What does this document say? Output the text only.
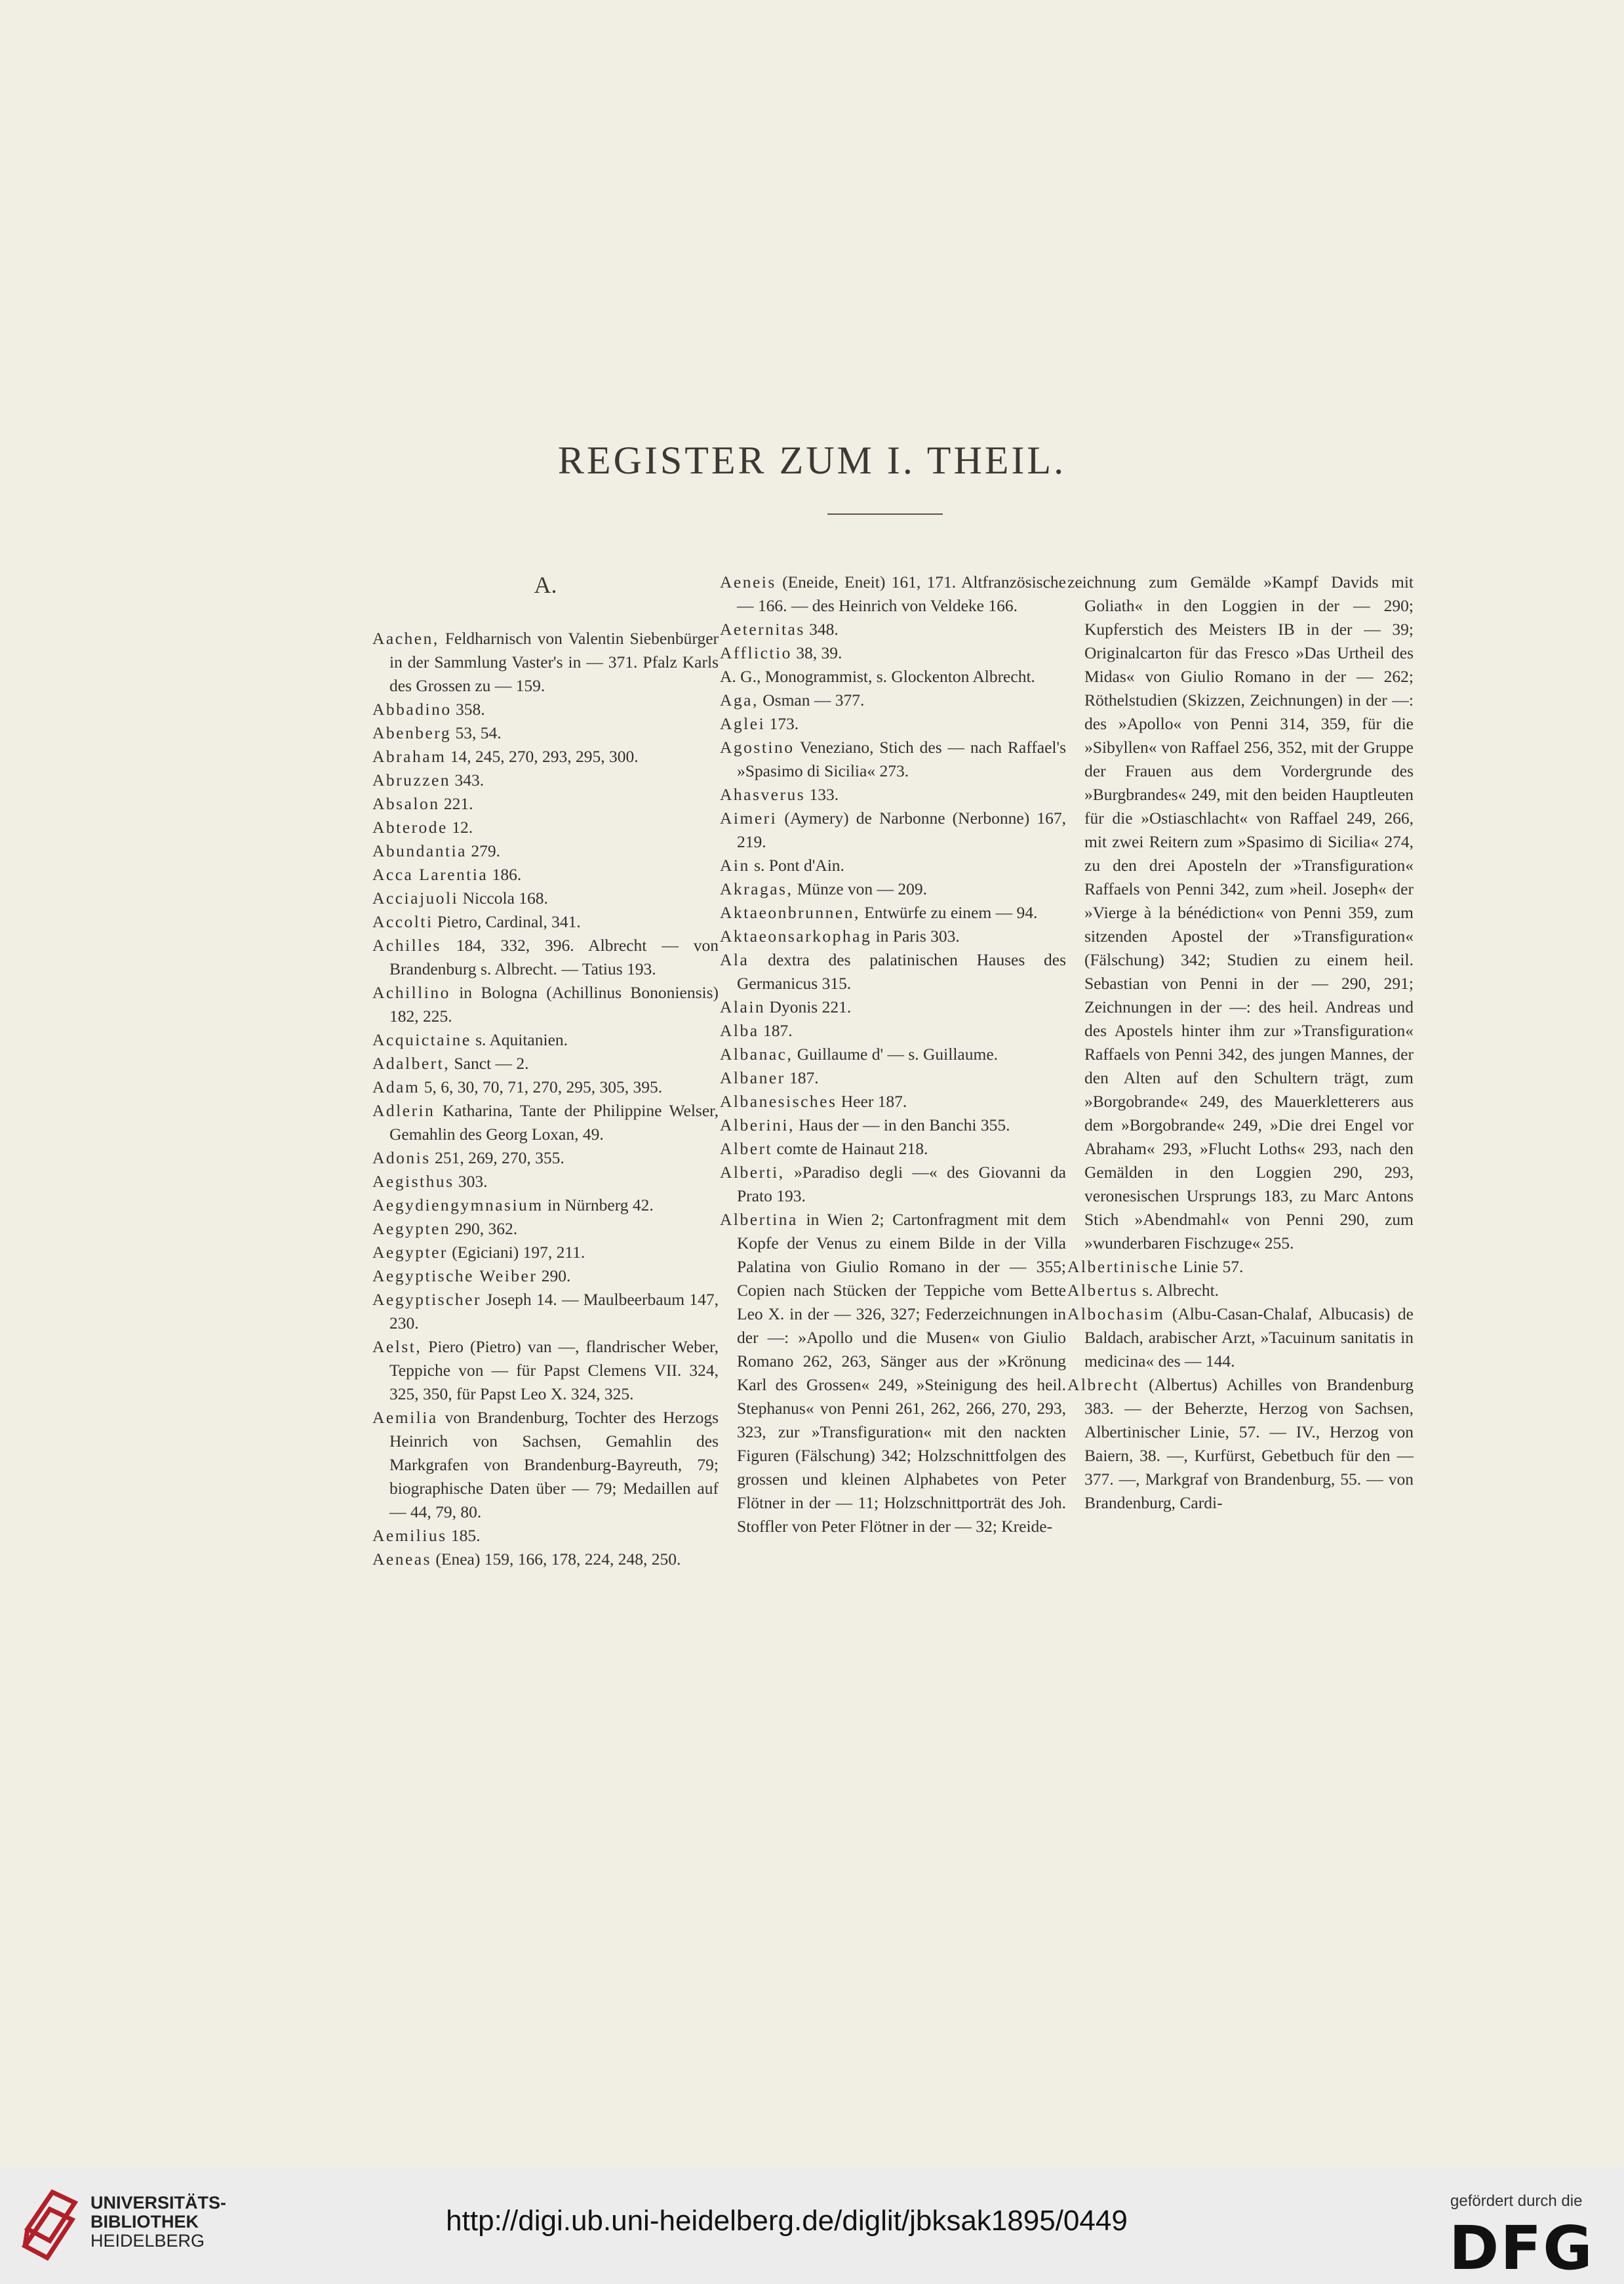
REGISTER ZUM I. THEIL.
A.

Aachen, Feldharnisch von Valentin Siebenbürger in der Sammlung Vaster's in — 371. Pfalz Karls des Grossen zu — 159.

Abbadino 358.

Abenberg 53, 54.

Abraham 14, 245, 270, 293, 295, 300.

Abruzzen 343.

Absalon 221.

Abterode 12.

Abundantia 279.

Acca Larentia 186.

Acciajuoli Niccola 168.

Accolti Pietro, Cardinal, 341.

Achilles 184, 332, 396. Albrecht — von Brandenburg s. Albrecht. — Tatius 193.

Achillino in Bologna (Achillinus Bononiensis) 182, 225.

Acquictaine s. Aquitanien.

Adalbert, Sanct — 2.

Adam 5, 6, 30, 70, 71, 270, 295, 305, 395.

Adlerin Katharina, Tante der Philippine Welser, Gemahlin des Georg Loxan, 49.

Adonis 251, 269, 270, 355.

Aegisthus 303.

Aegydiengymnasium in Nürnberg 42.

Aegypten 290, 362.

Aegypter (Egiciani) 197, 211.

Aegyptische Weiber 290.

Aegyptischer Joseph 14. — Maulbeerbaum 147, 230.

Aelst, Piero (Pietro) van —, flandrischer Weber, Teppiche von — für Papst Clemens VII. 324, 325, 350, für Papst Leo X. 324, 325.

Aemilia von Brandenburg, Tochter des Herzogs Heinrich von Sachsen, Gemahlin des Markgrafen von Brandenburg-Bayreuth, 79; biographische Daten über — 79; Medaillen auf — 44, 79, 80.

Aemilius 185.

Aeneas (Enea) 159, 166, 178, 224, 248, 250.

Aeneis (Eneide, Eneit) 161, 171. Altfranzösische — 166. — des Heinrich von Veldeke 166.

Aeternitas 348.

Afflictio 38, 39.

A. G., Monogrammist, s. Glockenton Albrecht.

Aga, Osman — 377.

Aglei 173.

Agostino Veneziano, Stich des — nach Raffael's »Spasimo di Sicilia« 273.

Ahasverus 133.

Aimeri (Aymery) de Narbonne (Nerbonne) 167, 219.

Ain s. Pont d'Ain.

Akragas, Münze von — 209.

Aktaeonbrunnen, Entwürfe zu einem — 94.

Aktaeonsarkophag in Paris 303.

Ala dextra des palatinischen Hauses des Germanicus 315.

Alain Dyonis 221.

Alba 187.

Albanac, Guillaume d' — s. Guillaume.

Albaner 187.

Albanesisches Heer 187.

Alberini, Haus der — in den Banchi 355.

Albert comte de Hainaut 218.

Alberti, »Paradiso degli —« des Giovanni da Prato 193.

Albertina in Wien 2; Cartonfragment mit dem Kopfe der Venus zu einem Bilde in der Villa Palatina von Giulio Romano in der — 355; Copien nach Stücken der Teppiche vom Bette Leo X. in der — 326, 327; Federzeichnungen in der —: »Apollo und die Musen« von Giulio Romano 262, 263, Sänger aus der »Krönung Karl des Grossen« 249, »Steinigung des heil. Stephanus« von Penni 261, 262, 266, 270, 293, 323, zur »Transfiguration« mit den nackten Figuren (Fälschung) 342; Holzschnittfolgen des grossen und kleinen Alphabetes von Peter Flötner in der — 11; Holzschnittporträt des Joh. Stoffler von Peter Flötner in der — 32; Kreide-

zeichnung zum Gemälde »Kampf Davids mit Goliath« in den Loggien in der — 290; Kupferstich des Meisters IB in der — 39; Originalcarton für das Fresco »Das Urtheil des Midas« von Giulio Romano in der — 262; Röthelstudien (Skizzen, Zeichnungen) in der —: des »Apollo« von Penni 314, 359, für die »Sibyllen« von Raffael 256, 352, mit der Gruppe der Frauen aus dem Vordergrunde des »Burgbrandes« 249, mit den beiden Hauptleuten für die »Ostiaschlacht« von Raffael 249, 266, mit zwei Reitern zum »Spasimo di Sicilia« 274, zu den drei Aposteln der »Transfiguration« Raffaels von Penni 342, zum »heil. Joseph« der »Vierge à la bénédiction« von Penni 359, zum sitzenden Apostel der »Transfiguration« (Fälschung) 342; Studien zu einem heil. Sebastian von Penni in der — 290, 291; Zeichnungen in der —: des heil. Andreas und des Apostels hinter ihm zur »Transfiguration« Raffaels von Penni 342, des jungen Mannes, der den Alten auf den Schultern trägt, zum »Borgobrande« 249, des Mauerkletterers aus dem »Borgobrande« 249, »Die drei Engel vor Abraham« 293, »Flucht Loths« 293, nach den Gemälden in den Loggien 290, 293, veronesischen Ursprungs 183, zu Marc Antons Stich »Abendmahl« von Penni 290, zum »wunderbaren Fischzuge« 255.

Albertinische Linie 57.

Albertus s. Albrecht.

Albochasim (Albu-Casan-Chalaf, Albucasis) de Baldach, arabischer Arzt, »Tacuinum sanitatis in medicina« des — 144.

Albrecht (Albertus) Achilles von Brandenburg 383. — der Beherzte, Herzog von Sachsen, Albertinischer Linie, 57. — IV., Herzog von Baiern, 38. —, Kurfürst, Gebetbuch für den — 377. —, Markgraf von Brandenburg, 55. — von Brandenburg, Cardi-

UNIVERSITÄTS-
BIBLIOTHEK
HEIDELBERG
http://digi.ub.uni-heidelberg.de/diglit/jbksak1895/0449
gefördert durch die
DFG
